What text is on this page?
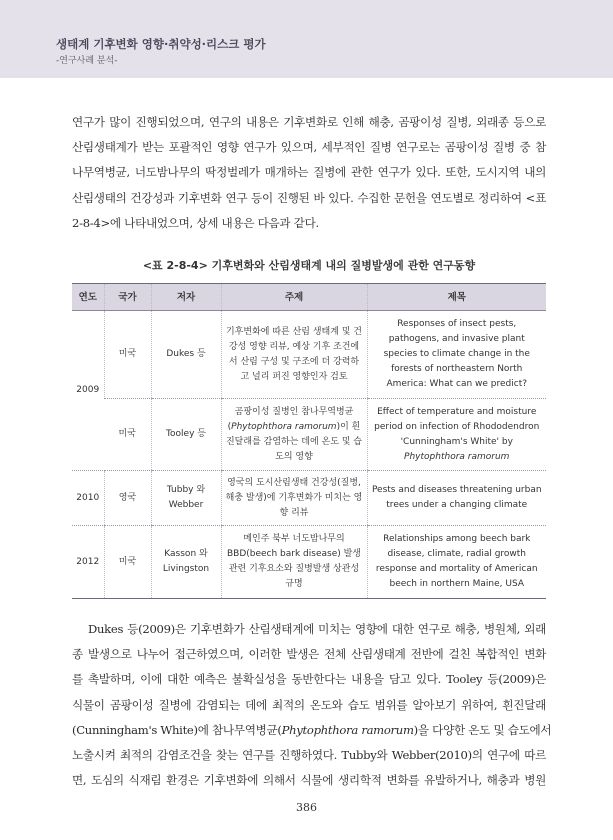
생태계 기후변화 영향·취약성·리스크 평가
-연구사례 분석-

연구가 많이 진행되었으며, 연구의 내용은 기후변화로 인해 해충, 곰팡이성 질병, 외래종 등으로
산림생태계가 받는 포괄적인 영향 연구가 있으며, 세부적인 질병 연구로는 곰팡이성 질병 중 참
나무역병균, 너도밤나무의 딱정벌레가 매개하는 질병에 관한 연구가 있다. 또한, 도시지역 내의
산림생태의 건강성과 기후변화 연구 등이 진행된 바 있다. 수집한 문헌을 연도별로 정리하여 <표
2-8-4>에 나타내었으며, 상세 내용은 다음과 같다.

<표 2-8-4> 기후변화와 산림생태계 내의 질병발생에 관한 연구동향
연도	국가	저자	주제	제목
2009	미국	Dukes 등	기후변화에 따른 산림 생태계 및 건강성 영향 리뷰, 예상 기후 조건에서 산림 구성 및 구조에 더 강력하고 널리 퍼진 영향인자 검토	Responses of insect pests, pathogens, and invasive plant species to climate change in the forests of northeastern North America: What can we predict?
	미국	Tooley 등	곰팡이성 질병인 참나무역병균 (Phytophthora ramorum)이 흰진달래를 감염하는 데에 온도 및 습도의 영향	Effect of temperature and moisture period on infection of Rhododendron 'Cunningham's White' by Phytophthora ramorum
2010	영국	Tubby 와 Webber	영국의 도시산림생태 건강성(질병, 해충 발생)에 기후변화가 미치는 영향 리뷰	Pests and diseases threatening urban trees under a changing climate
2012	미국	Kasson 와 Livingston	메인주 북부 너도밤나무의 BBD(beech bark disease) 발생 관련 기후요소와 질병발생 상관성 규명	Relationships among beech bark disease, climate, radial growth response and mortality of American beech in northern Maine, USA

Dukes 등(2009)은 기후변화가 산림생태계에 미치는 영향에 대한 연구로 해충, 병원체, 외래
종 발생으로 나누어 접근하였으며, 이러한 발생은 전체 산림생태계 전반에 걸친 복합적인 변화
를 촉발하며, 이에 대한 예측은 불확실성을 동반한다는 내용을 담고 있다. Tooley 등(2009)은
식물이 곰팡이성 질병에 감염되는 데에 최적의 온도와 습도 범위를 알아보기 위하여, 흰진달래
(Cunningham's White)에 참나무역병균(Phytophthora ramorum)을 다양한 온도 및 습도에서
노출시켜 최적의 감염조건을 찾는 연구를 진행하였다. Tubby와 Webber(2010)의 연구에 따르
면, 도심의 식재림 환경은 기후변화에 의해서 식물에 생리학적 변화를 유발하거나, 해충과 병원

386
